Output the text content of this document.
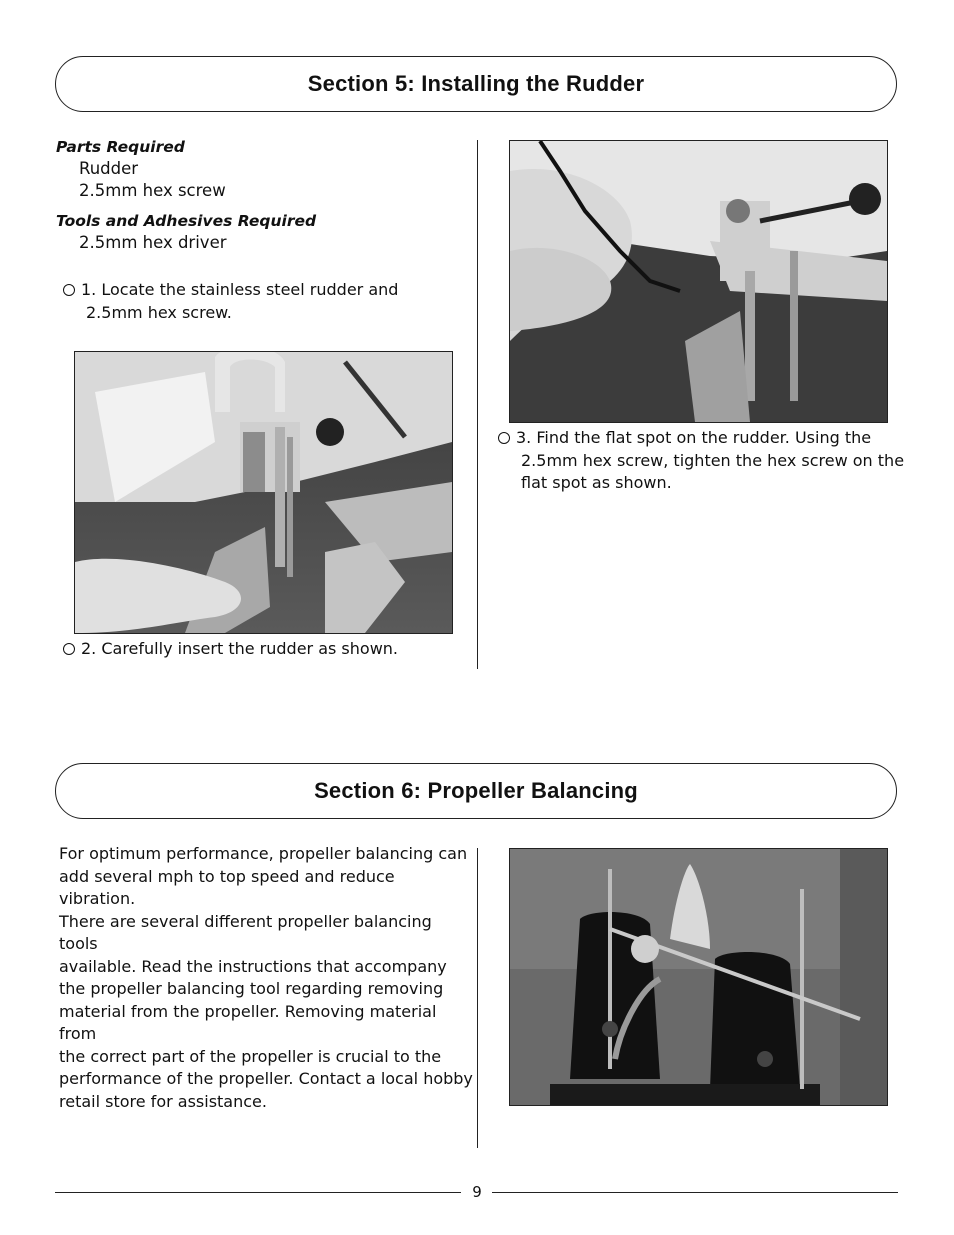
Section 5: Installing the Rudder
Parts Required
Rudder
2.5mm hex screw
Tools and Adhesives Required
2.5mm hex driver
1. Locate the stainless steel rudder and
2.5mm hex screw.
2. Carefully insert the rudder as shown.
3. Find the flat spot on the rudder. Using the
2.5mm hex screw, tighten the hex screw on the
flat spot as shown.
Section 6: Propeller Balancing
For optimum performance, propeller balancing can
add several mph to top speed and reduce vibration.
There are several different propeller balancing tools
available. Read the instructions that accompany
the propeller balancing tool regarding removing
material from the propeller. Removing material from
the correct part of the propeller is crucial to the
performance of the propeller. Contact a local hobby
retail store for assistance.
9
